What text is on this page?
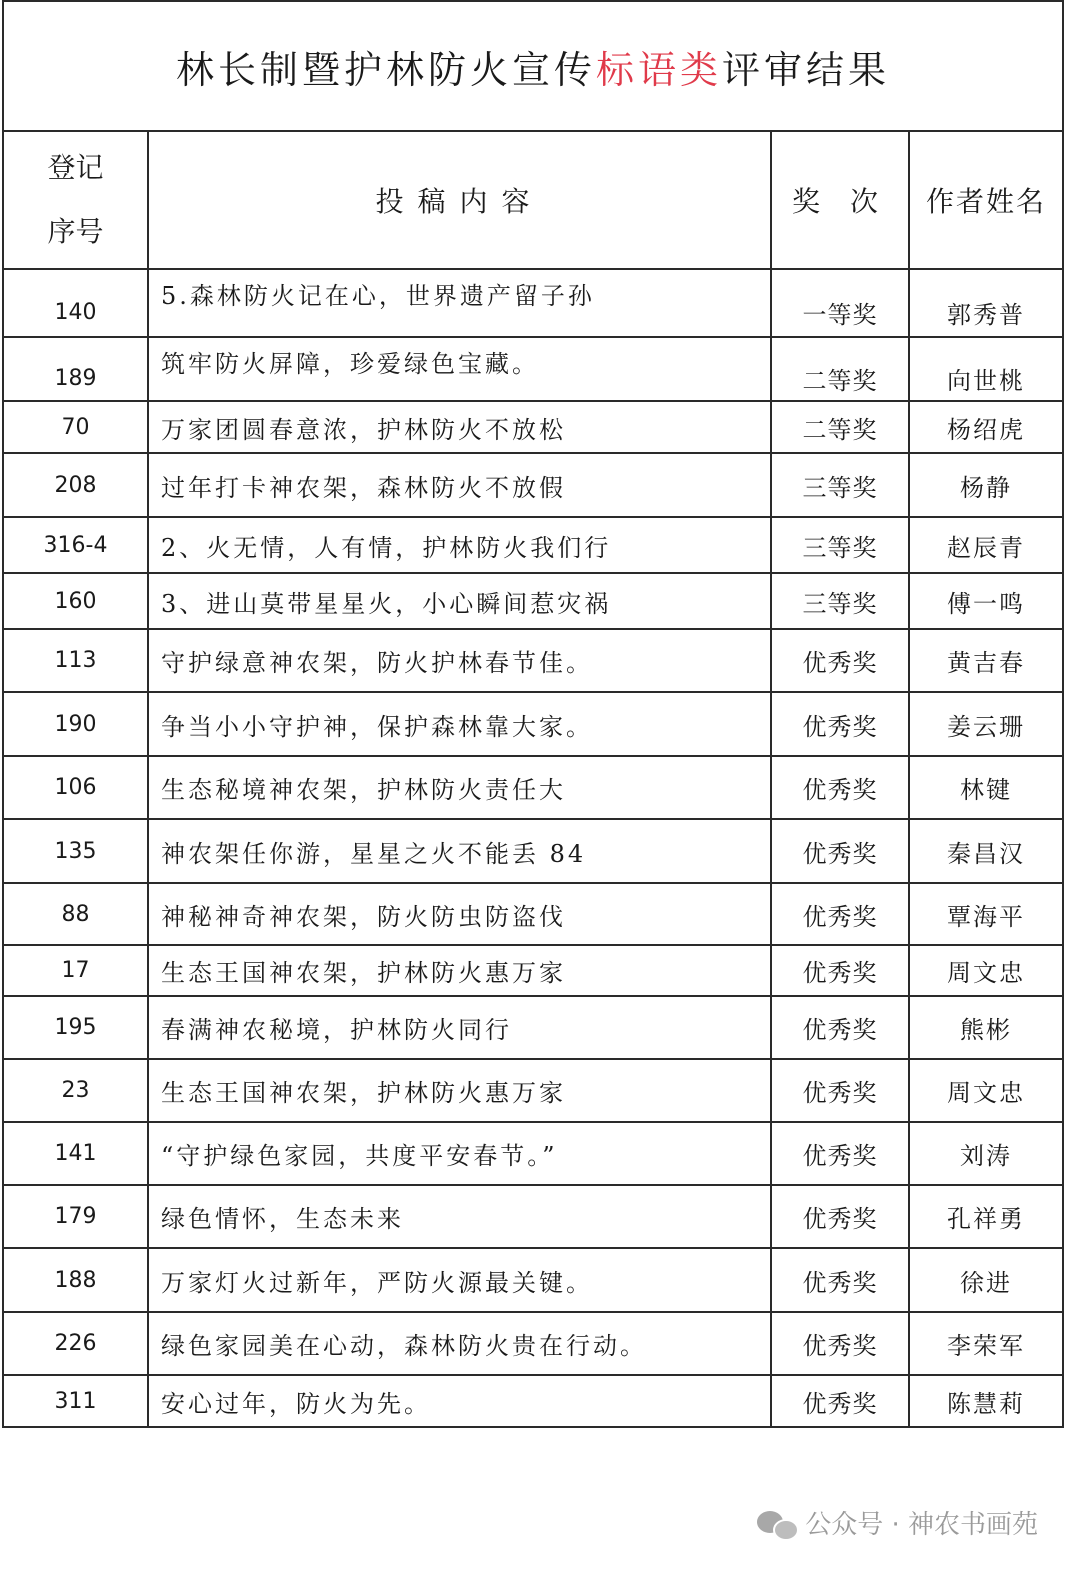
林长制暨护林防火宣传标语类评审结果			
登记
序号	投稿内容	奖次	作者姓名
140	5.森林防火记在心，世界遗产留子孙	一等奖	郭秀普
189	筑牢防火屏障，珍爱绿色宝藏。	二等奖	向世桃
70	万家团圆春意浓，护林防火不放松	二等奖	杨绍虎
208	过年打卡神农架，森林防火不放假	三等奖	杨静
316-4	2、火无情，人有情，护林防火我们行	三等奖	赵辰青
160	3、进山莫带星星火，小心瞬间惹灾祸	三等奖	傅一鸣
113	守护绿意神农架，防火护林春节佳。	优秀奖	黄吉春
190	争当小小守护神，保护森林靠大家。	优秀奖	姜云珊
106	生态秘境神农架，护林防火责任大	优秀奖	林键
135	神农架任你游，星星之火不能丢 84	优秀奖	秦昌汉
88	神秘神奇神农架，防火防虫防盗伐	优秀奖	覃海平
17	生态王国神农架，护林防火惠万家	优秀奖	周文忠
195	春满神农秘境，护林防火同行	优秀奖	熊彬
23	生态王国神农架，护林防火惠万家	优秀奖	周文忠
141	“守护绿色家园，共度平安春节。”	优秀奖	刘涛
179	绿色情怀，生态未来	优秀奖	孔祥勇
188	万家灯火过新年，严防火源最关键。	优秀奖	徐进
226	绿色家园美在心动，森林防火贵在行动。	优秀奖	李荣军
311	安心过年，防火为先。	优秀奖	陈慧莉
公众号 · 神农书画苑
